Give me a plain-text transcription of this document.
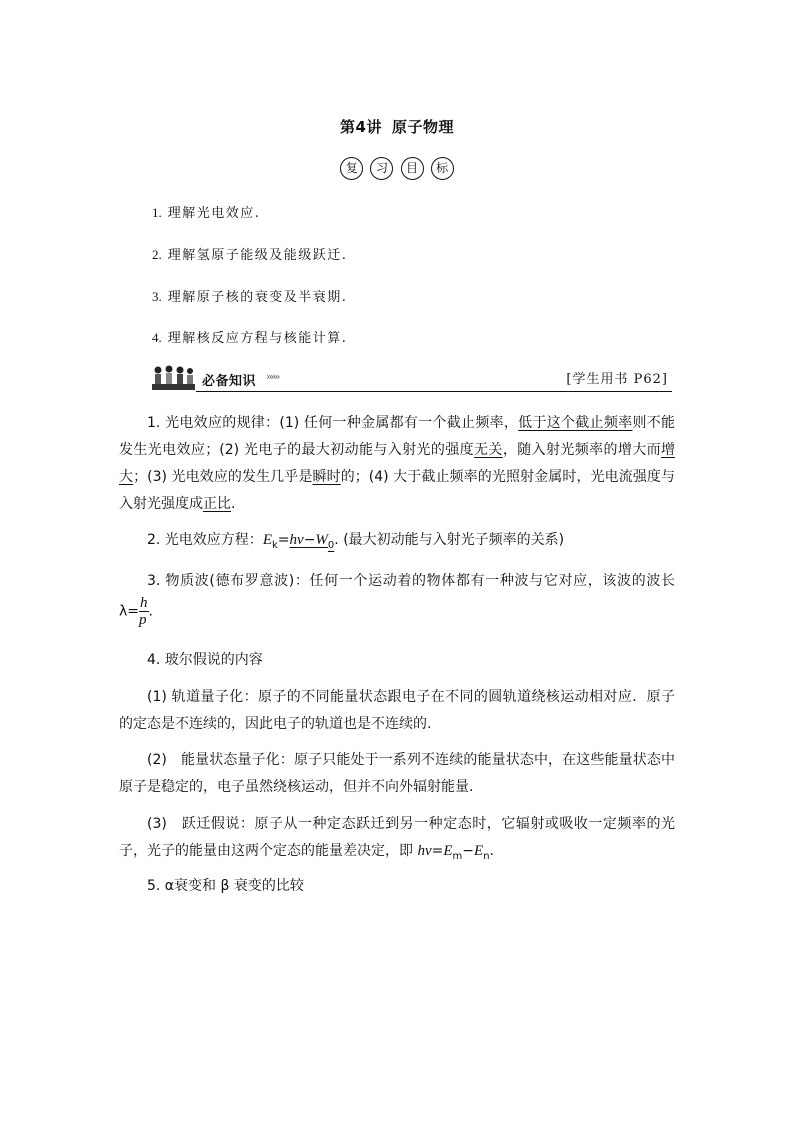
第4讲 原子物理
复 习 目 标
1. 理解光电效应.
2. 理解氢原子能级及能级跃迁.
3. 理解原子核的衰变及半衰期.
4. 理解核反应方程与核能计算.
必备知识 »»»	[学生用书 P62]
1. 光电效应的规律：(1) 任何一种金属都有一个截止频率，低于这个截止频率则不能发生光电效应；(2) 光电子的最大初动能与入射光的强度无关，随入射光频率的增大而增大；(3) 光电效应的发生几乎是瞬时的；(4) 大于截止频率的光照射金属时，光电流强度与入射光强度成正比.
2. 光电效应方程：$E_k=hv-W_0$. (最大初动能与入射光子频率的关系)
3. 物质波(德布罗意波)：任何一个运动着的物体都有一种波与它对应，该波的波长 $\lambda= \frac{h}{p}$ .
4. 玻尔假说的内容
(1) 轨道量子化：原子的不同能量状态跟电子在不同的圆轨道绕核运动相对应．原子的定态是不连续的，因此电子的轨道也是不连续的.
(2)　能量状态量子化：原子只能处于一系列不连续的能量状态中，在这些能量状态中原子是稳定的，电子虽然绕核运动，但并不向外辐射能量.
(3)　跃迁假说：原子从一种定态跃迁到另一种定态时，它辐射或吸收一定频率的光子，光子的能量由这两个定态的能量差决定，即 $hv=E_m-E_n$.
5. α衰变和 β 衰变的比较
